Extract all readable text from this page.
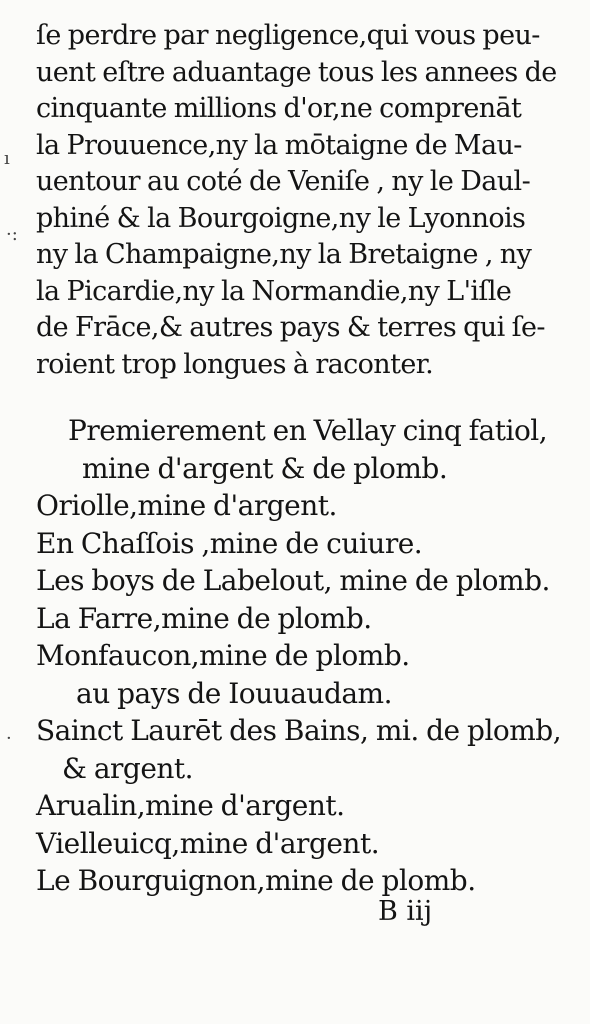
ı
·:
·
ſe perdre par negligence,qui vous peu-
uent eſtre aduantage tous les annees de
cinquante millions d'or,ne comprenāt
la Prouuence,ny la mōtaigne de Mau-
uentour au coté de Veniſe , ny le Daul-
phiné & la Bourgoigne,ny le Lyonnois
ny la Champaigne,ny la Bretaigne , ny
la Picardie,ny la Normandie,ny L'iſle
de Frāce,& autres pays & terres qui ſe-
roient trop longues à raconter.
Premierement en Vellay cinq fatiol,
mine d'argent & de plomb.
Oriolle,mine d'argent.
En Chaſſois ,mine de cuiure.
Les boys de Labelout, mine de plomb.
La Farre,mine de plomb.
Monfaucon,mine de plomb.
au pays de Iouuaudam.
Sainct Laurēt des Bains, mi. de plomb,
& argent.
Arualin,mine d'argent.
Vielleuicq,mine d'argent.
Le Bourguignon,mine de plomb.
B iij
